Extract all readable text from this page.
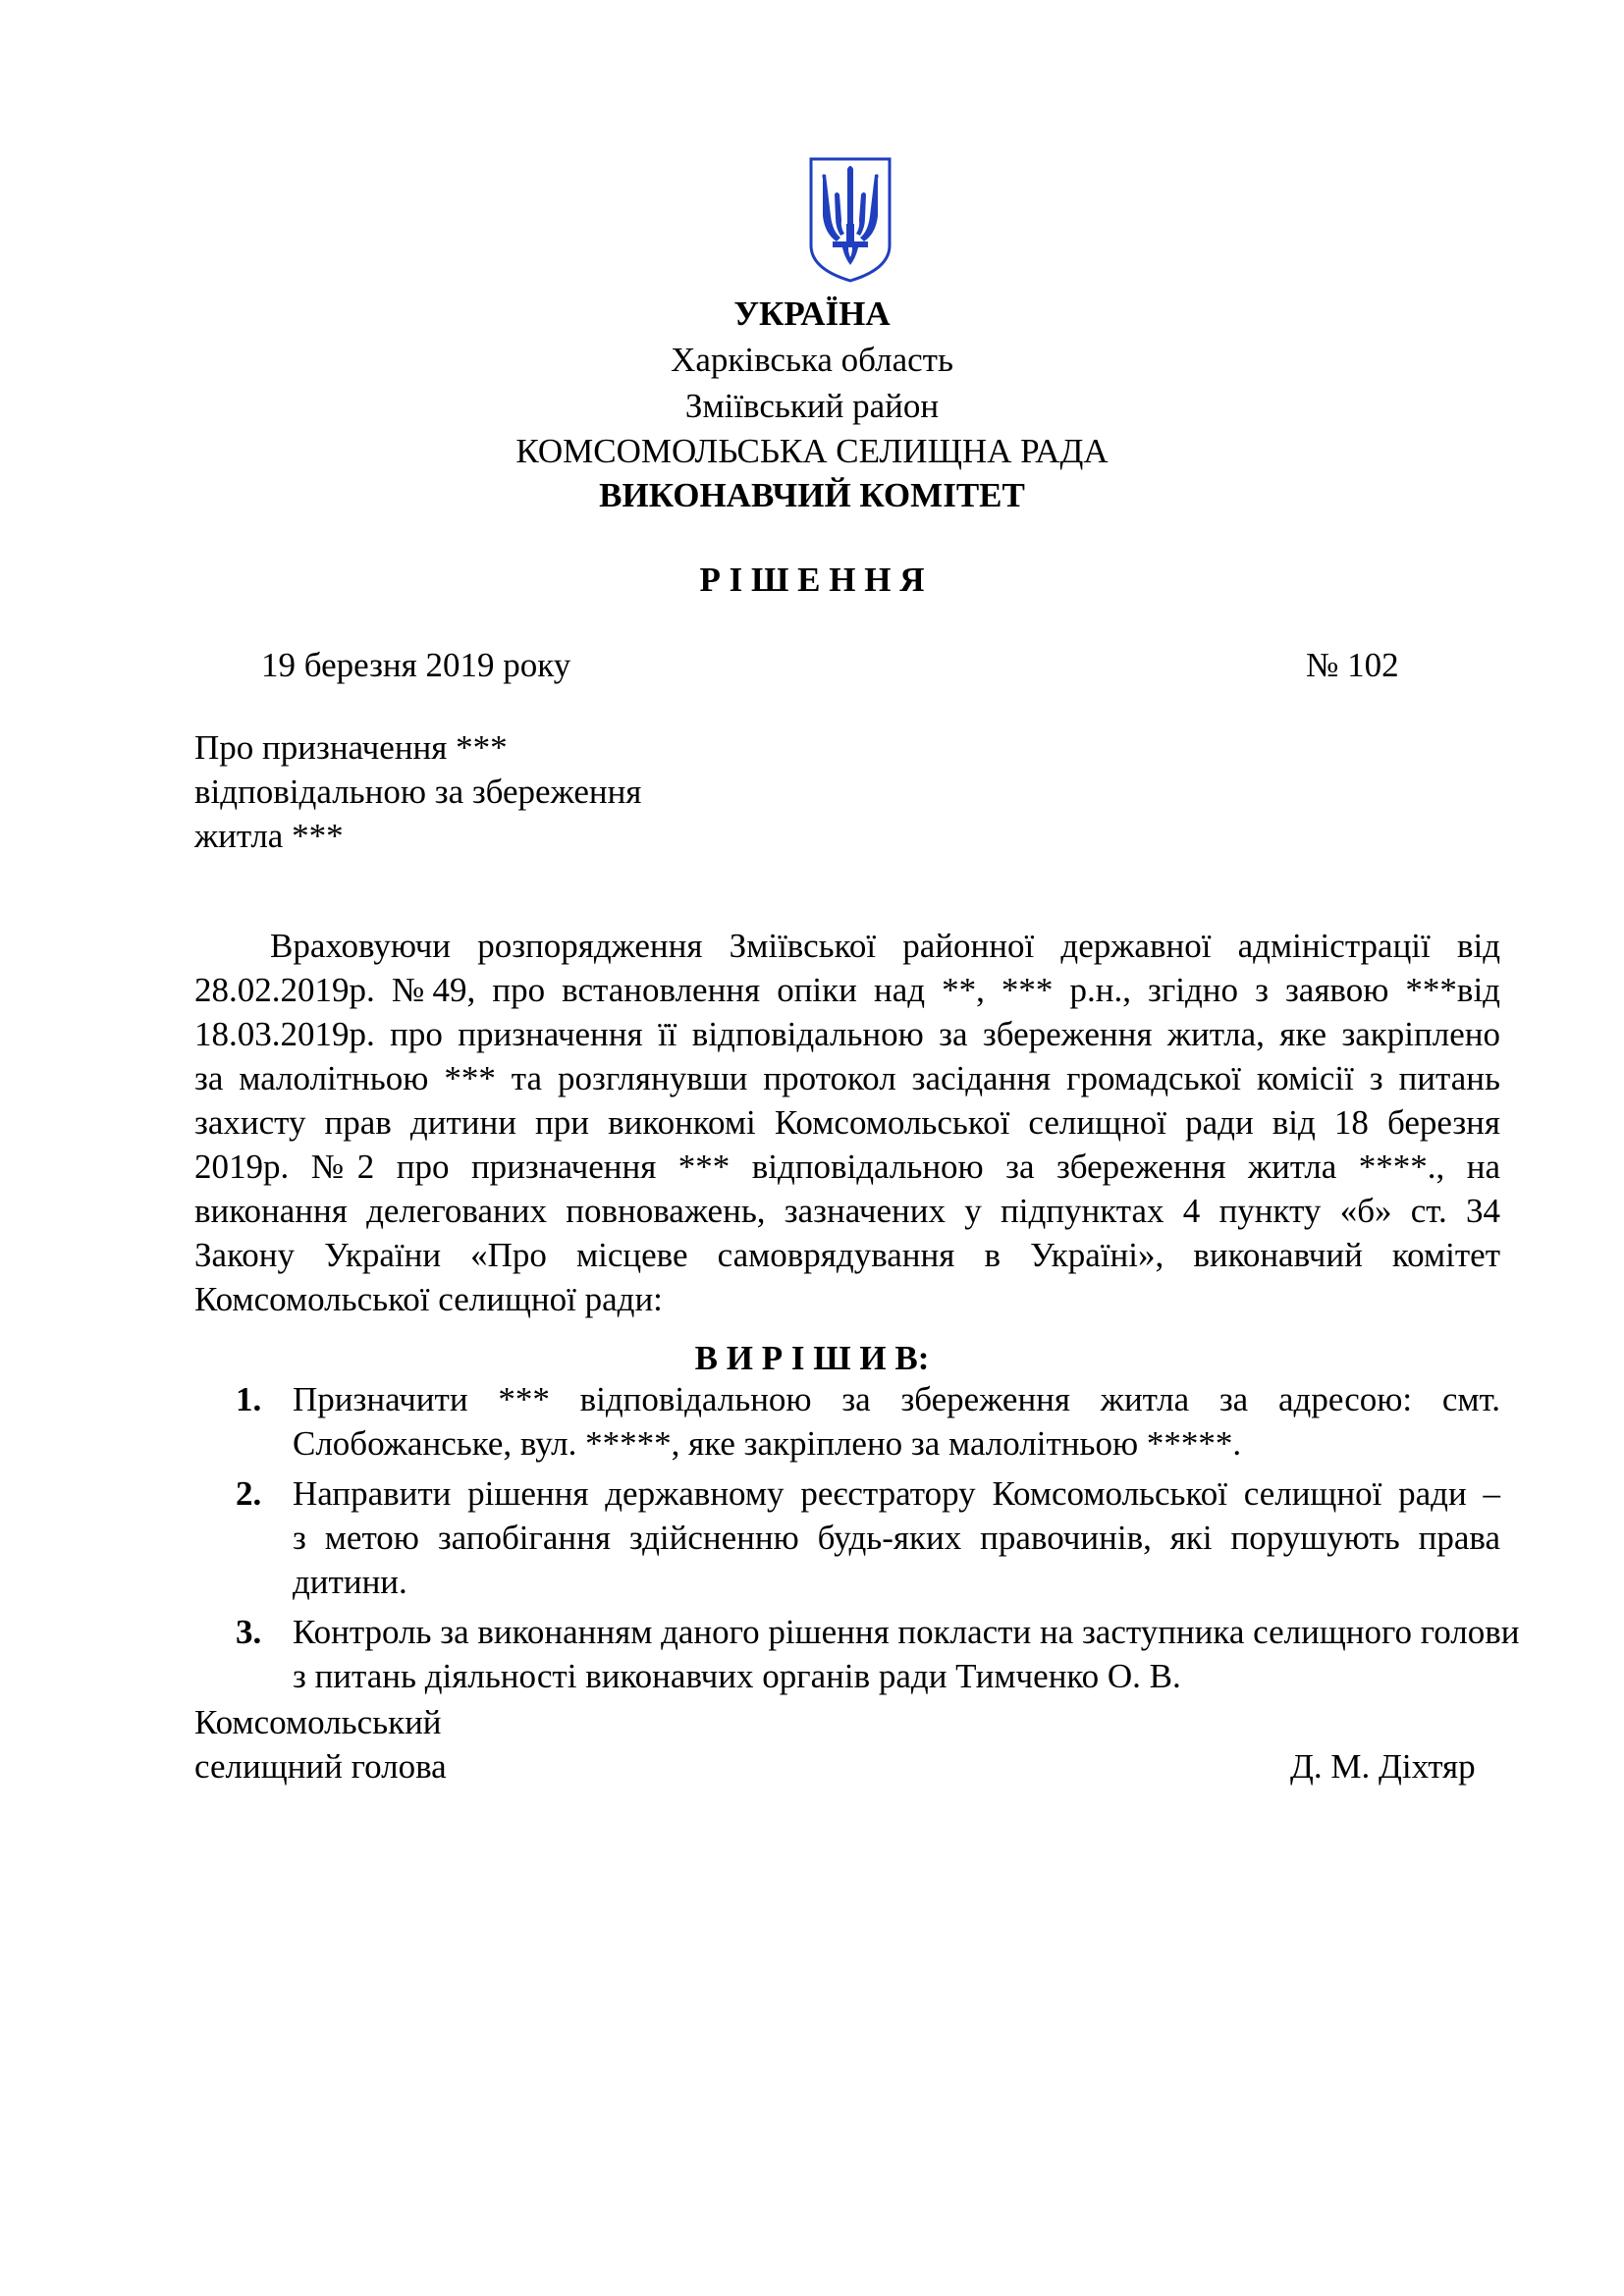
УКРАЇНА
Харківська область
Зміївський район
КОМСОМОЛЬСЬКА СЕЛИЩНА РАДА
ВИКОНАВЧИЙ КОМІТЕТ
Р І Ш Е Н Н Я
19 березня 2019 року	№ 102
Про призначення ***
відповідальною за збереження
житла ***
Враховуючи розпорядження Зміївської районної державної адміністрації від
28.02.2019р. №49, про встановлення опіки над **, *** р.н., згідно з заявою ***від
18.03.2019р. про призначення її відповідальною за збереження житла, яке закріплено
за малолітньою *** та розглянувши протокол засідання громадської комісії з питань
захисту прав дитини при виконкомі Комсомольської селищної ради від 18 березня
2019р. №2 про призначення *** відповідальною за збереження житла ****., на
виконання делегованих повноважень, зазначених у підпунктах 4 пункту «б» ст. 34
Закону України «Про місцеве самоврядування в Україні», виконавчий комітет
Комсомольської селищної ради:
В И Р І Ш И В:
1. Призначити *** відповідальною за збереження житла за адресою: смт.
Слобожанське, вул. *****, яке закріплено за малолітньою *****.
2. Направити рішення державному реєстратору Комсомольської селищної ради –
з метою запобігання здійсненню будь-яких правочинів, які порушують права
дитини.
3. Контроль за виконанням даного рішення покласти на заступника селищного голови
з питань діяльності виконавчих органів ради Тимченко О. В.
Комсомольський
селищний голова	Д. М. Діхтяр
